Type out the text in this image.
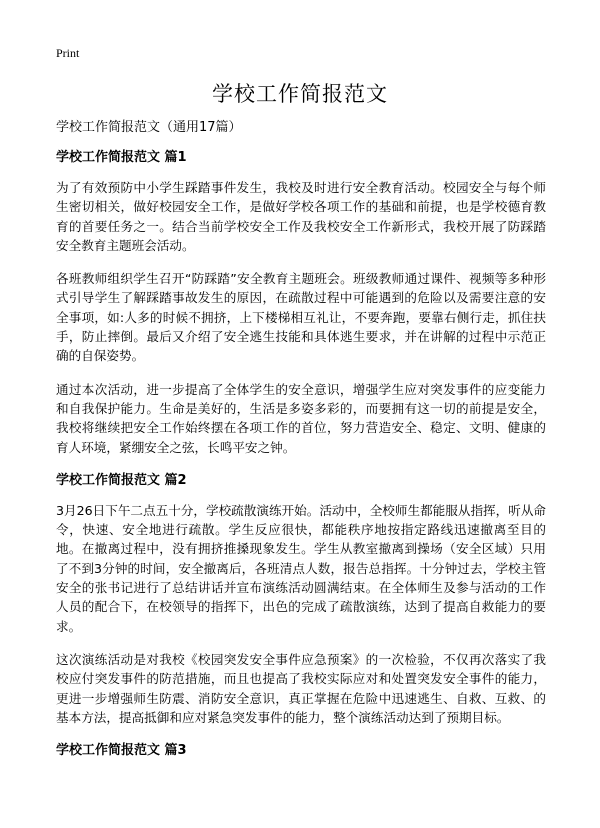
Print
学校工作简报范文
学校工作简报范文（通用17篇）
学校工作简报范文 篇1

为了有效预防中小学生踩踏事件发生，我校及时进行安全教育活动。校园安全与每个师生密切相关，做好校园安全工作，是做好学校各项工作的基础和前提，也是学校德育教育的首要任务之一。结合当前学校安全工作及我校安全工作新形式，我校开展了防踩踏安全教育主题班会活动。

各班教师组织学生召开“防踩踏”安全教育主题班会。班级教师通过课件、视频等多种形式引导学生了解踩踏事故发生的原因，在疏散过程中可能遇到的危险以及需要注意的安全事项，如:人多的时候不拥挤，上下楼梯相互礼让，不要奔跑，要靠右侧行走，抓住扶手，防止摔倒。最后又介绍了安全逃生技能和具体逃生要求，并在讲解的过程中示范正确的自保姿势。

通过本次活动，进一步提高了全体学生的安全意识，增强学生应对突发事件的应变能力和自我保护能力。生命是美好的，生活是多姿多彩的，而要拥有这一切的前提是安全，我校将继续把安全工作始终摆在各项工作的首位，努力营造安全、稳定、文明、健康的育人环境，紧绷安全之弦，长鸣平安之钟。

学校工作简报范文 篇2

3月26日下午二点五十分，学校疏散演练开始。活动中，全校师生都能服从指挥，听从命令，快速、安全地进行疏散。学生反应很快，都能秩序地按指定路线迅速撤离至目的地。在撤离过程中，没有拥挤推搡现象发生。学生从教室撤离到操场（安全区域）只用了不到3分钟的时间，安全撤离后，各班清点人数，报告总指挥。十分钟过去，学校主管安全的张书记进行了总结讲话并宣布演练活动圆满结束。在全体师生及参与活动的工作人员的配合下，在校领导的指挥下，出色的完成了疏散演练，达到了提高自救能力的要求。

这次演练活动是对我校《校园突发安全事件应急预案》的一次检验，不仅再次落实了我校应付突发事件的防范措施，而且也提高了我校实际应对和处置突发安全事件的能力，更进一步增强师生防震、消防安全意识，真正掌握在危险中迅速逃生、自救、互救、的基本方法，提高抵御和应对紧急突发事件的能力，整个演练活动达到了预期目标。

学校工作简报范文 篇3
